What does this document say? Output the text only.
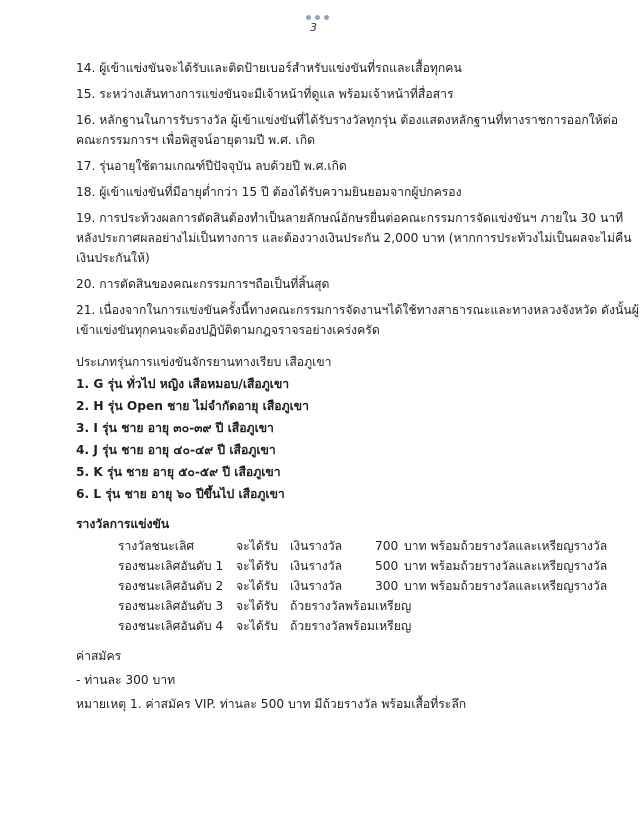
3
14. ผู้เข้าแข่งขันจะได้รับและติดป้ายเบอร์สำหรับแข่งขันที่รถและเสื้อทุกคน
15. ระหว่างเส้นทางการแข่งขันจะมีเจ้าหน้าที่ดูแล พร้อมเจ้าหน้าที่สื่อสาร
16. หลักฐานในการรับรางวัล ผู้เข้าแข่งขันที่ได้รับรางวัลทุกรุ่น ต้องแสดงหลักฐานที่ทางราชการออกให้ต่อ
คณะกรรมการฯ เพื่อพิสูจน์อายุตามปี พ.ศ. เกิด
17. รุ่นอายุใช้ตามเกณฑ์ปีปัจจุบัน ลบด้วยปี พ.ศ.เกิด
18. ผู้เข้าแข่งขันที่มีอายุต่ำกว่า 15 ปี ต้องได้รับความยินยอมจากผู้ปกครอง
19. การประท้วงผลการตัดสินต้องทำเป็นลายลักษณ์อักษรยื่นต่อคณะกรรมการจัดแข่งขันฯ ภายใน 30 นาที
หลังประกาศผลอย่างไม่เป็นทางการ และต้องวางเงินประกัน 2,000 บาท (หากการประท้วงไม่เป็นผลจะไม่คืน
เงินประกันให้)
20. การตัดสินของคณะกรรมการฯถือเป็นที่สิ้นสุด
21. เนื่องจากในการแข่งขันครั้งนี้ทางคณะกรรมการจัดงานฯได้ใช้ทางสาธารณะและทางหลวงจังหวัด ดังนั้นผู้
เข้าแข่งขันทุกคนจะต้องปฏิบัติตามกฎจราจรอย่างเคร่งครัด
ประเภทรุ่นการแข่งขันจักรยานทางเรียบ เสือภูเขา
1. G รุ่น ทั่วไป หญิง เสือหมอบ/เสือภูเขา
2. H รุ่น Open ชาย ไม่จำกัดอายุ เสือภูเขา
3. I รุ่น ชาย อายุ ๓๐-๓๙ ปี เสือภูเขา
4. J รุ่น ชาย อายุ ๔๐-๔๙ ปี เสือภูเขา
5. K รุ่น ชาย อายุ ๕๐-๕๙ ปี เสือภูเขา
6. L รุ่น ชาย อายุ ๖๐ ปีขึ้นไป เสือภูเขา
รางวัลการแข่งขัน
รางวัลชนะเลิศ	จะได้รับ เงินรางวัล	700 บาท พร้อมถ้วยรางวัลและเหรียญรางวัล
รองชนะเลิศอันดับ 1 จะได้รับ เงินรางวัล	500 บาท พร้อมถ้วยรางวัลและเหรียญรางวัล
รองชนะเลิศอันดับ 2 จะได้รับ เงินรางวัล	300 บาท พร้อมถ้วยรางวัลและเหรียญรางวัล
รองชนะเลิศอันดับ 3 จะได้รับ ถ้วยรางวัลพร้อมเหรียญ
รองชนะเลิศอันดับ 4 จะได้รับ ถ้วยรางวัลพร้อมเหรียญ
ค่าสมัคร
- ท่านละ 300 บาท
หมายเหตุ 1. ค่าสมัคร VIP. ท่านละ 500 บาท มีถ้วยรางวัล พร้อมเสื้อที่ระลึก
